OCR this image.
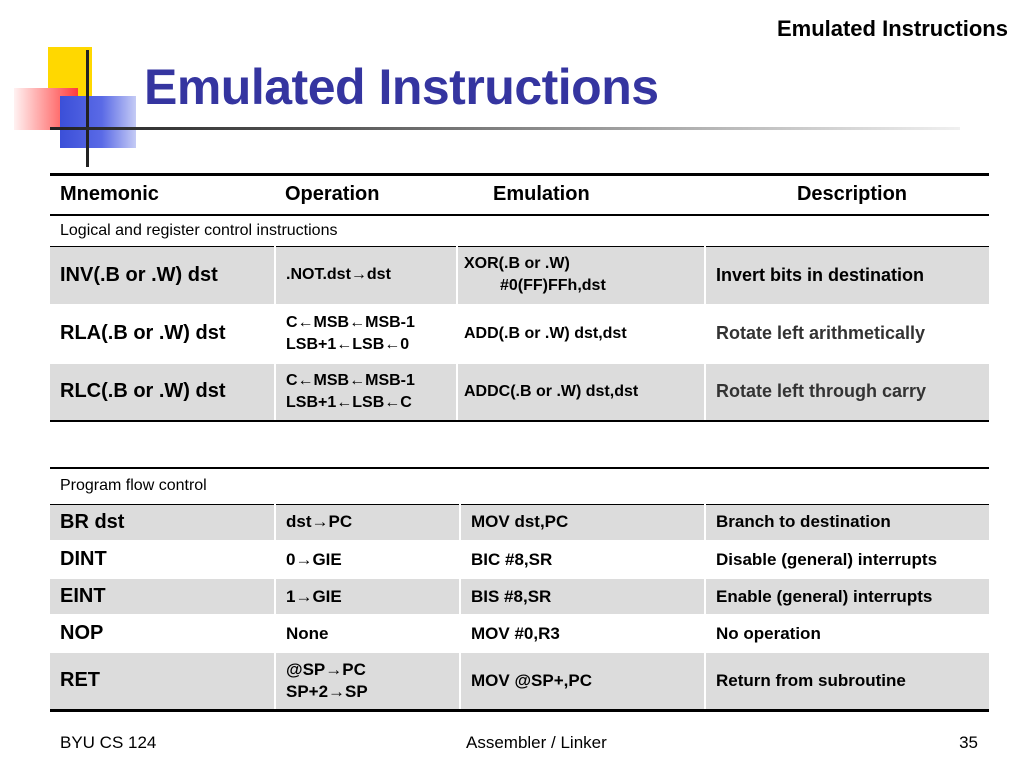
Emulated Instructions
Emulated Instructions
Mnemonic	Operation	Emulation	Description
Logical and register control instructions			
INV(.B or .W) dst	.NOT.dst→dst	XOR(.B or .W)
#0(FF)FFh,dst	Invert bits in destination
RLA(.B or .W) dst	C←MSB←MSB-1
LSB+1←LSB←0	ADD(.B or .W) dst,dst	Rotate left arithmetically
RLC(.B or .W) dst	C←MSB←MSB-1
LSB+1←LSB←C	ADDC(.B or .W) dst,dst	Rotate left through carry
Program flow control			
BR dst	dst→PC	MOV dst,PC	Branch to destination
DINT	0→GIE	BIC #8,SR	Disable (general) interrupts
EINT	1→GIE	BIS #8,SR	Enable (general) interrupts
NOP	None	MOV #0,R3	No operation
RET	@SP→PC
SP+2→SP	MOV @SP+,PC	Return from subroutine
BYU CS 124	Assembler / Linker	35
